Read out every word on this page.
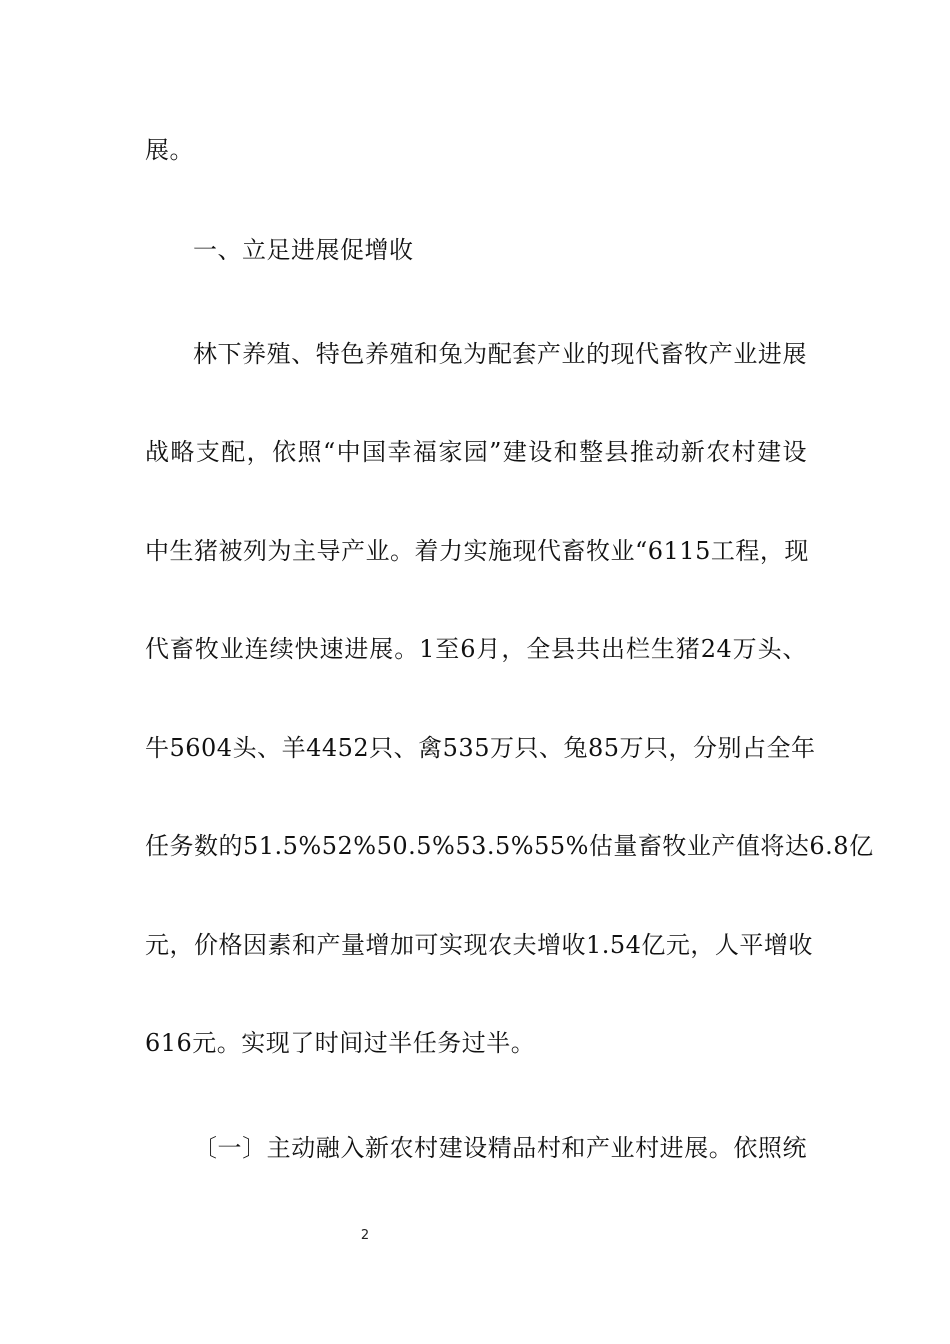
展。
一、立足进展促增收
林下养殖、特色养殖和兔为配套产业的现代畜牧产业进展
战略支配，依照“中国幸福家园”建设和整县推动新农村建设
中生猪被列为主导产业。着力实施现代畜牧业“6115工程，现
代畜牧业连续快速进展。1至6月，全县共出栏生猪24万头、
牛5604头、羊4452只、禽535万只、兔85万只，分别占全年
任务数的51.5%52%50.5%53.5%55%估量畜牧业产值将达6.8亿
元，价格因素和产量增加可实现农夫增收1.54亿元，人平增收
616元。实现了时间过半任务过半。
〔一〕主动融入新农村建设精品村和产业村进展。依照统
2
